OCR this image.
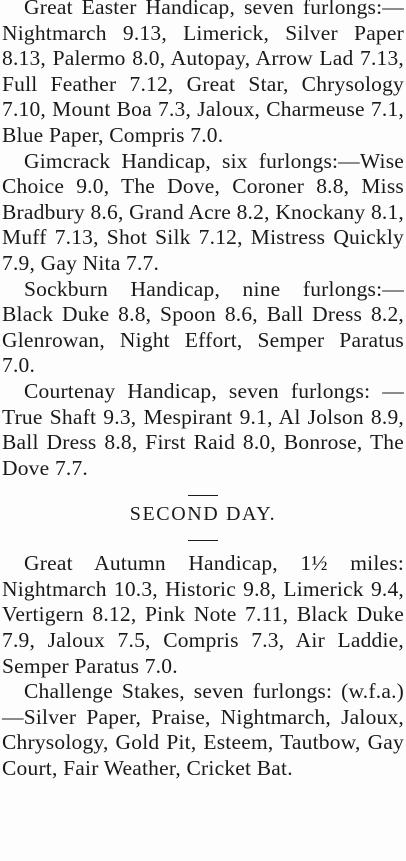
Great Easter Handicap, seven furlongs:—Nightmarch 9.13, Limerick, Silver Paper 8.13, Palermo 8.0, Autopay, Arrow Lad 7.13, Full Feather 7.12, Great Star, Chrysology 7.10, Mount Boa 7.3, Jaloux, Charmeuse 7.1, Blue Paper, Compris 7.0.

Gimcrack Handicap, six furlongs:—Wise Choice 9.0, The Dove, Coroner 8.8, Miss Bradbury 8.6, Grand Acre 8.2, Knockany 8.1, Muff 7.13, Shot Silk 7.12, Mistress Quickly 7.9, Gay Nita 7.7.

Sockburn Handicap, nine furlongs:—Black Duke 8.8, Spoon 8.6, Ball Dress 8.2, Glenrowan, Night Effort, Semper Paratus 7.0.

Courtenay Handicap, seven furlongs: —True Shaft 9.3, Mespirant 9.1, Al Jolson 8.9, Ball Dress 8.8, First Raid 8.0, Bonrose, The Dove 7.7.

SECOND DAY.

Great Autumn Handicap, 1½ miles: Nightmarch 10.3, Historic 9.8, Limerick 9.4, Vertigern 8.12, Pink Note 7.11, Black Duke 7.9, Jaloux 7.5, Compris 7.3, Air Laddie, Semper Paratus 7.0.

Challenge Stakes, seven furlongs: (w.f.a.)—Silver Paper, Praise, Nightmarch, Jaloux, Chrysology, Gold Pit, Esteem, Tautbow, Gay Court, Fair Weather, Cricket Bat.
